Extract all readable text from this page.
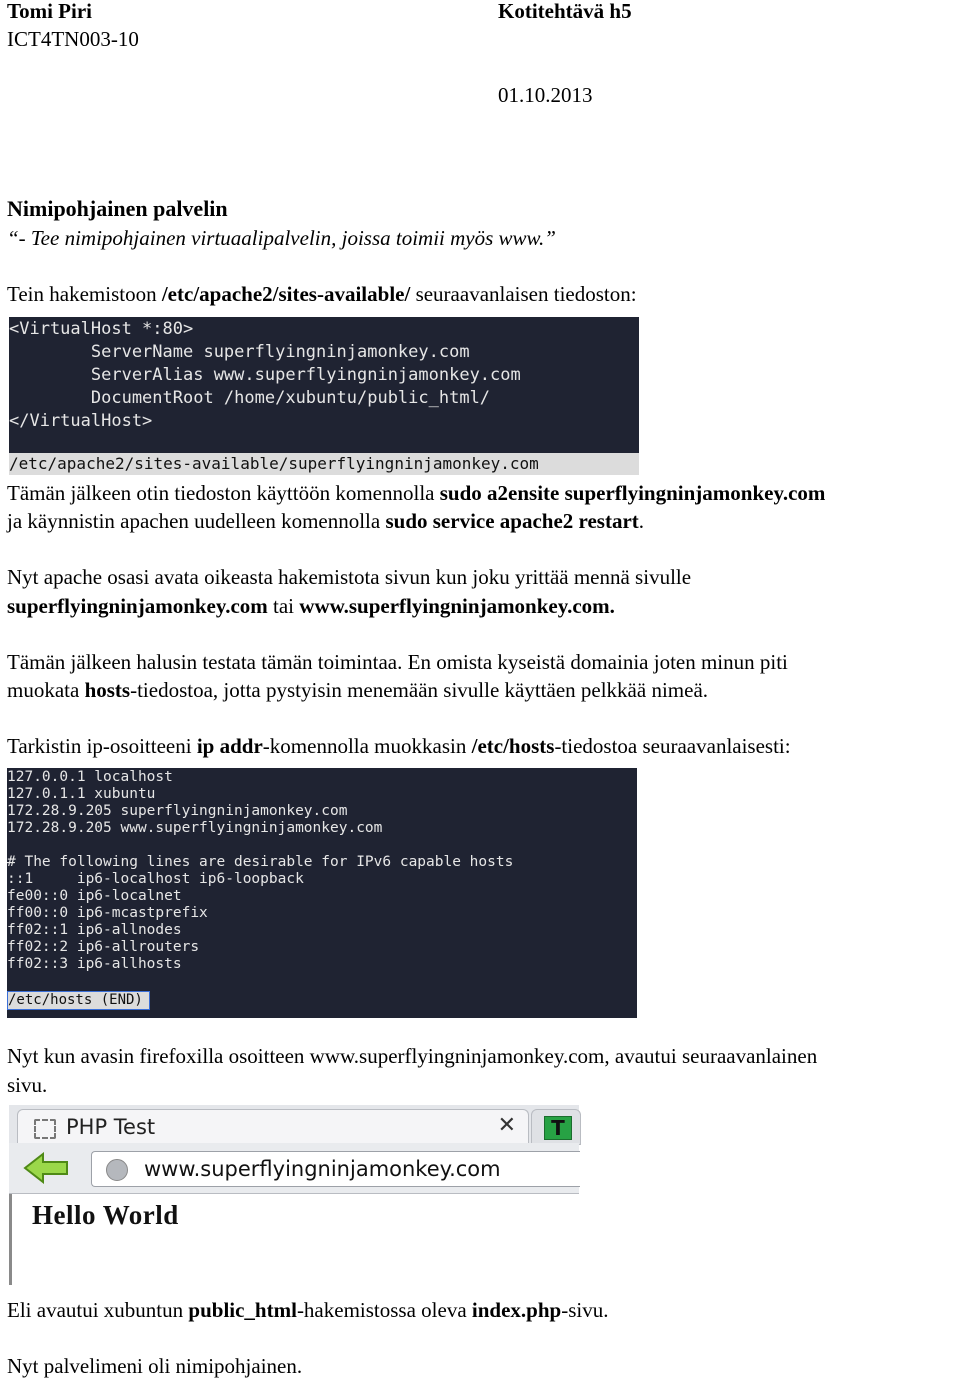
Tomi Piri
ICT4TN003-10
Kotitehtävä h5
01.10.2013
Nimipohjainen palvelin
“- Tee nimipohjainen virtuaalipalvelin, joissa toimii myös www.”
Tein hakemistoon /etc/apache2/sites-available/ seuraavanlaisen tiedoston:
<VirtualHost *:80>
ServerName superflyingninjamonkey.com
ServerAlias www.superflyingninjamonkey.com
DocumentRoot /home/xubuntu/public_html/
</VirtualHost>
/etc/apache2/sites-available/superflyingninjamonkey.com
Tämän jälkeen otin tiedoston käyttöön komennolla sudo a2ensite superflyingninjamonkey.com
ja käynnistin apachen uudelleen komennolla sudo service apache2 restart.
Nyt apache osasi avata oikeasta hakemistota sivun kun joku yrittää mennä sivulle
superflyingninjamonkey.com tai www.superflyingninjamonkey.com.
Tämän jälkeen halusin testata tämän toimintaa. En omista kyseistä domainia joten minun piti
muokata hosts-tiedostoa, jotta pystyisin menemään sivulle käyttäen pelkkää nimeä.
Tarkistin ip-osoitteeni ip addr-komennolla muokkasin /etc/hosts-tiedostoa seuraavanlaisesti:
127.0.0.1 localhost
127.0.1.1 xubuntu
172.28.9.205 superflyingninjamonkey.com
172.28.9.205 www.superflyingninjamonkey.com
# The following lines are desirable for IPv6 capable hosts
::1     ip6-localhost ip6-loopback
fe00::0 ip6-localnet
ff00::0 ip6-mcastprefix
ff02::1 ip6-allnodes
ff02::2 ip6-allrouters
ff02::3 ip6-allhosts
/etc/hosts (END)
Nyt kun avasin firefoxilla osoitteen www.superflyingninjamonkey.com, avautui seuraavanlainen
sivu.
PHP Test	✕	T
www.superflyingninjamonkey.com
Hello World
Eli avautui xubuntun public_html-hakemistossa oleva index.php-sivu.
Nyt palvelimeni oli nimipohjainen.
